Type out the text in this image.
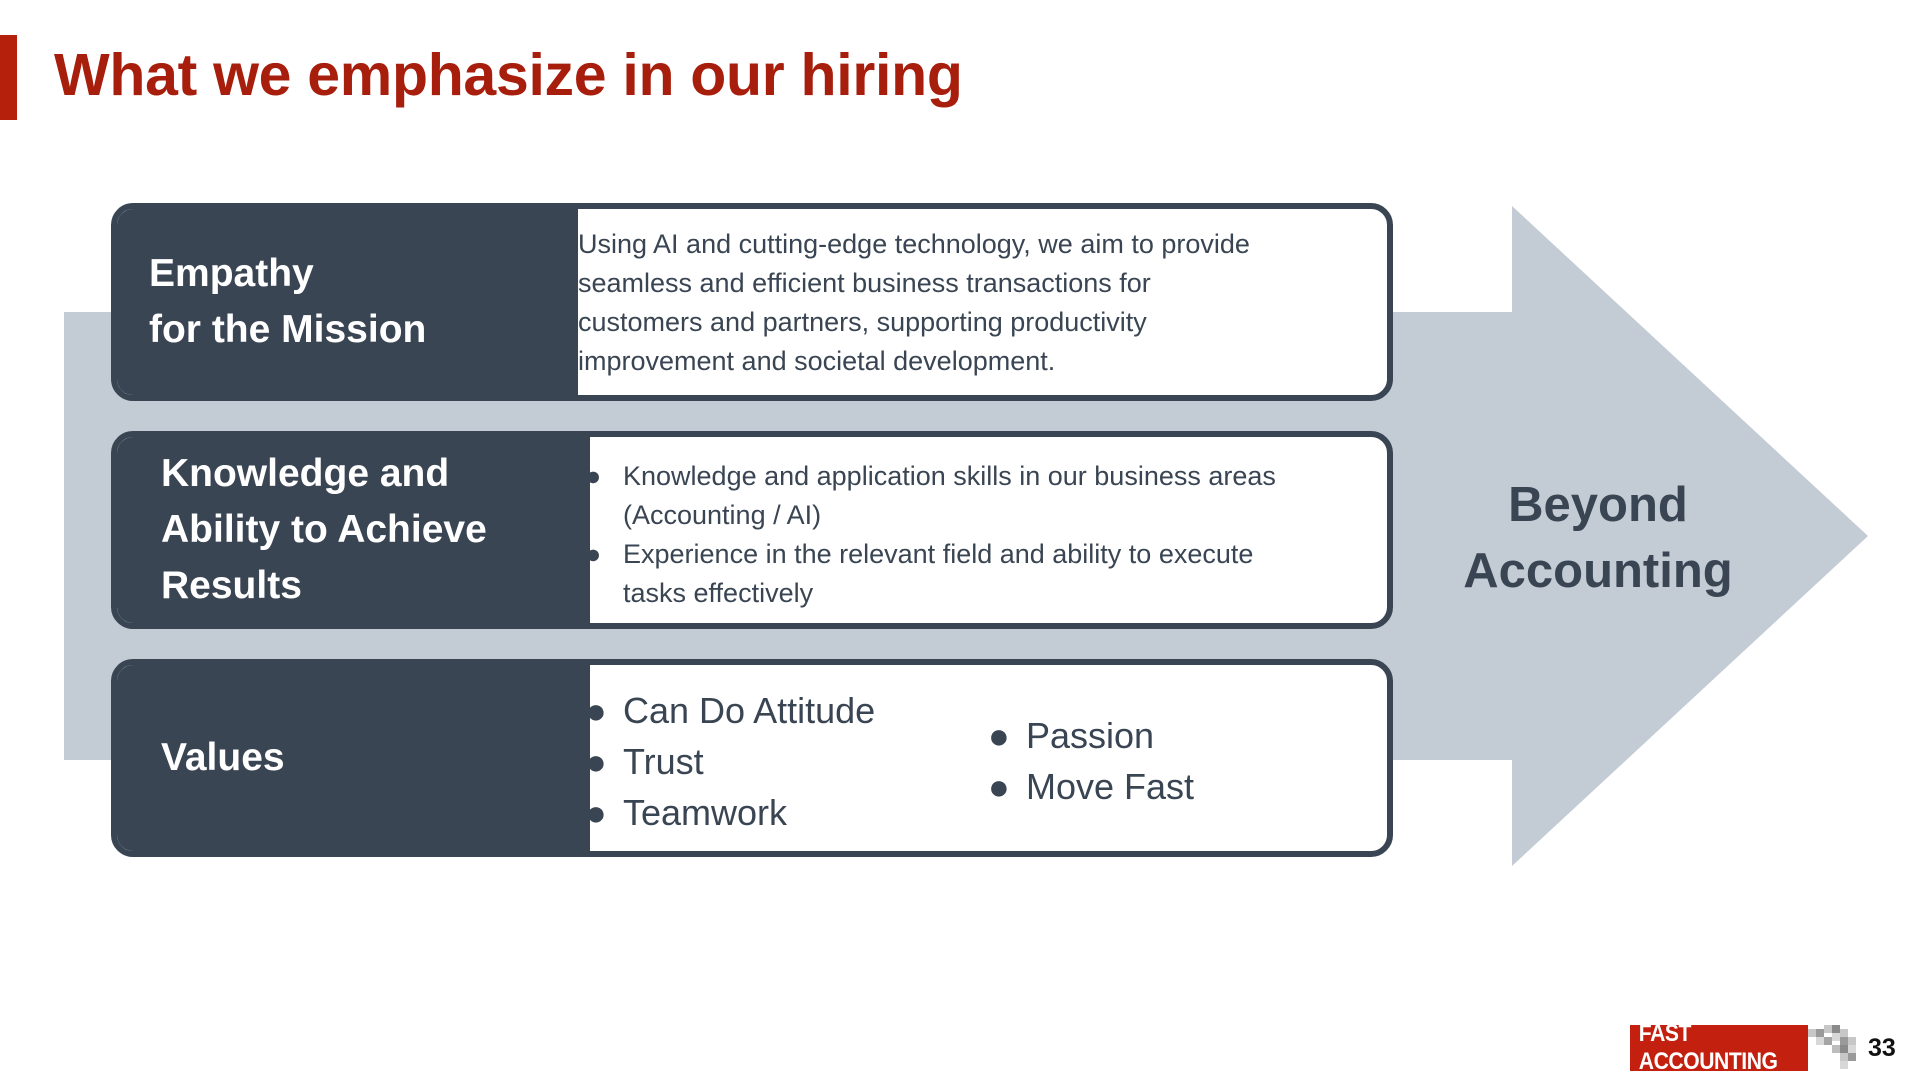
What we emphasize in our hiring
Beyond
Accounting
Empathy
for the Mission

Using AI and cutting-edge technology, we aim to provide
seamless and efficient business transactions for
customers and partners, supporting productivity
improvement and societal development.

Knowledge and
Ability to Achieve
Results
● Knowledge and application skills in our business areas
(Accounting / AI)
● Experience in the relevant field and ability to execute
tasks effectively
Values
● Can Do Attitude
● Trust
● Teamwork
● Passion
● Move Fast
FAST ACCOUNTING	33
